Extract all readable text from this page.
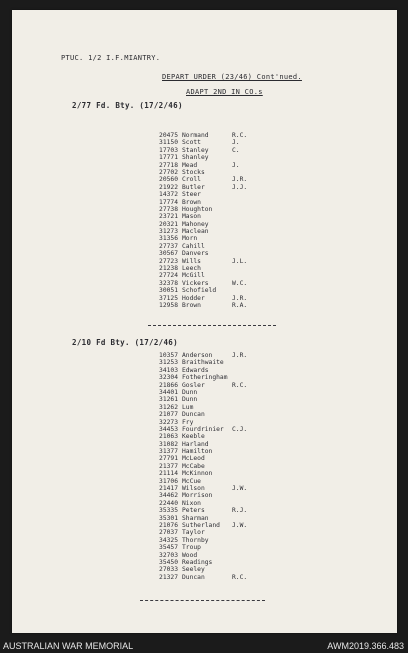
PTUC. 1/2 I.F.MIANTRY.
DEPART URDER (23/46) Cont'nued.
ADAPT 2ND IN CO.s
2/77 Fd. Bty. (17/2/46)
20475 Normand	R.C.
31150 Scott	J.
17703 Stanley	C.
17771 Shanley
27718 Mead	J.
27702 Stocks
20560 Croll	J.R.
21922 Butler	J.J.
14372 Steer
17774 Brown
27738 Houghton
23721 Mason
20321 Mahoney
31273 Maclean
31356 Morn
27737 Cahill
30567 Danvers
27723 Wills	J.L.
21238 Leech
27724 McGill
32378 Vickers	W.C.
30051 Schofield
37125 Hodder	J.R.
12958 Brown	R.A.
2/10 Fd Bty. (17/2/46)
10357 Anderson	J.R.
31253 Braithwaite
34103 Edwards
32304 Fotheringham
21866 Gosler	R.C.
34401 Dunn
31261 Dunn
31262 Lum
21077 Duncan
32273 Fry
34453 Fourdrinier C.J.
21063 Keeble
31082 Harland
31377 Hamilton
27791 McLeod
21377 McCabe
21114 McKinnon
31706 McCue
21417 Wilson	J.W.
34462 Morrison
22440 Nixon
35335 Peters	R.J.
35301 Sharman
21076 Sutherland J.W.
27037 Taylor
34325 Thornby
35457 Troup
32703 Wood
35450 Readings
27033 Seeley
21327 Duncan	R.C.
AUSTRALIAN WAR MEMORIAL	AWM2019.366.483
